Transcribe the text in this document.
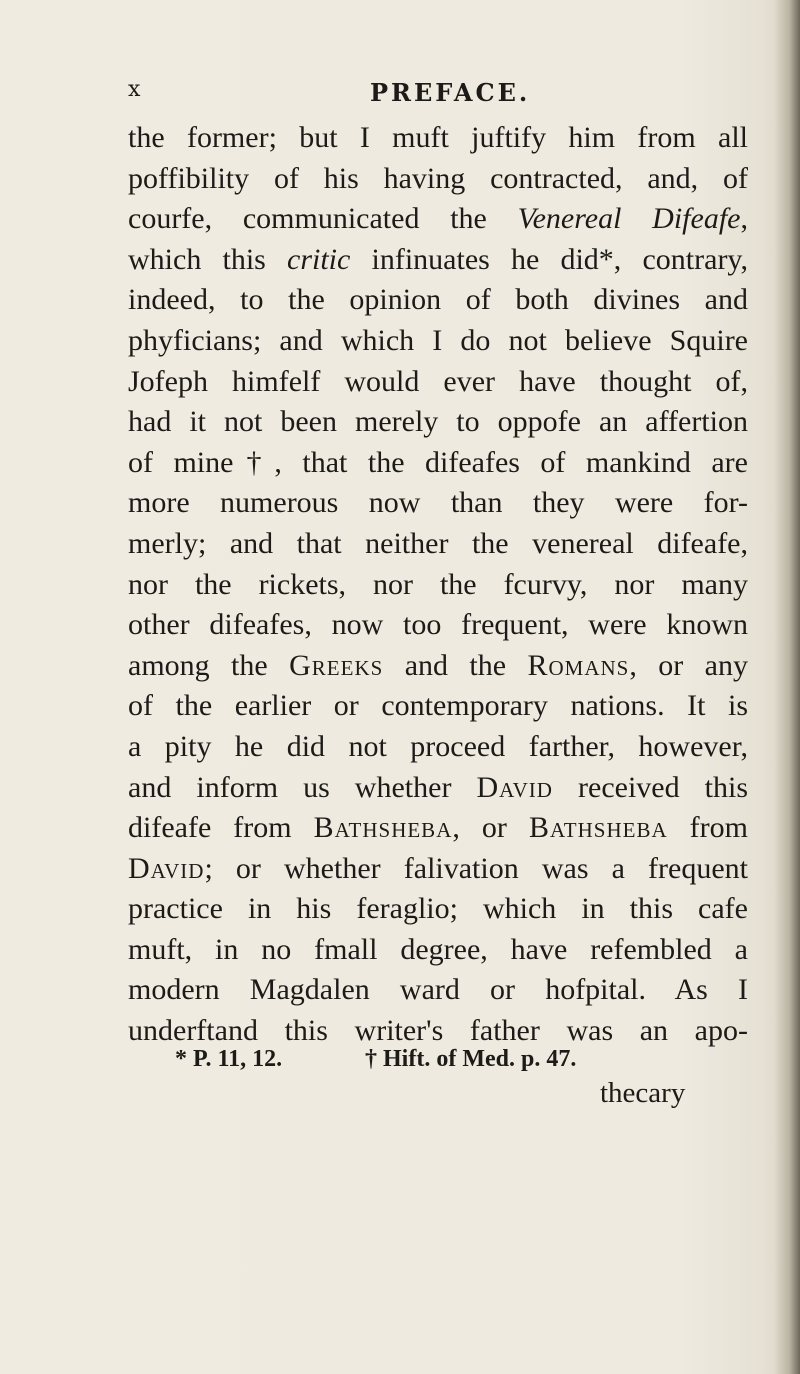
x	PREFACE.
the former; but I muft juftify him from all
poffibility of his having contracted, and, of
courfe, communicated the Venereal Difeafe,
which this critic infinuates he did*, contrary,
indeed, to the opinion of both divines and
phyficians; and which I do not believe Squire
Jofeph himfelf would ever have thought of,
had it not been merely to oppofe an affertion
of mine†, that the difeafes of mankind are
more numerous now than they were for-
merly; and that neither the venereal difeafe,
nor the rickets, nor the fcurvy, nor many
other difeafes, now too frequent, were known
among the Greeks and the Romans, or any
of the earlier or contemporary nations. It is
a pity he did not proceed farther, however,
and inform us whether David received this
difeafe from Bathsheba, or Bathsheba from
David; or whether falivation was a frequent
practice in his feraglio; which in this cafe
muft, in no fmall degree, have refembled a
modern Magdalen ward or hofpital. As I
underftand this writer's father was an apo-
* P. 11, 12.	† Hift. of Med. p. 47.
thecary
